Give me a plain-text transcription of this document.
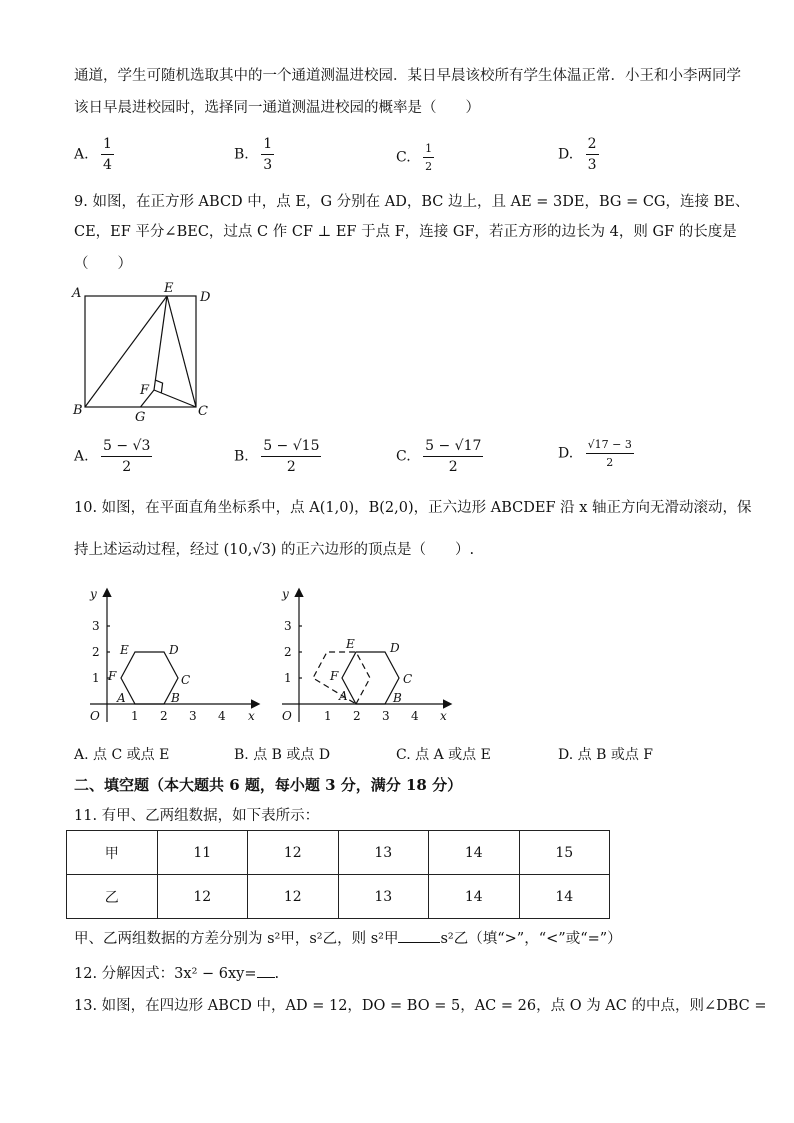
通道，学生可随机选取其中的一个通道测温进校园．某日早晨该校所有学生体温正常．小王和小李两同学
该日早晨进校园时，选择同一通道测温进校园的概率是（　　）
A. $\frac{1}{4}$	B. $\frac{1}{3}$	C. $\frac{1}{2}$	D. $\frac{2}{3}$
9. 如图，在正方形 ABCD 中，点 E，G 分别在 AD，BC 边上，且 AE = 3DE，BG = CG，连接 BE、
CE，EF 平分∠BEC，过点 C 作 CF ⊥ EF 于点 F，连接 GF，若正方形的边长为 4，则 GF 的长度是
（　　）
A	E
D
B	C
F
G
A. $\frac{5 - √3}{2}$	B. $\frac{5 - √15}{2}$	C. $\frac{5 - √17}{2}$	D. $\frac{√17 - 3}{2}$
10. 如图，在平面直角坐标系中，点 A(1,0)，B(2,0)，正六边形 ABCDEF 沿 x 轴正方向无滑动滚动，保
持上述运动过程，经过 (10,√3) 的正六边形的顶点是（　　）.
y
3
2
1
O	1 2 3 4 x
E	D
F	C
A	B
y
3
2
1
O	1 2 3 4 x
E	D
F	C
A	B
A. 点 C 或点 E	B. 点 B 或点 D	C. 点 A 或点 E	D. 点 B 或点 F
二、填空题（本大题共 6 题，每小题 3 分，满分 18 分）
11. 有甲、乙两组数据，如下表所示：
甲	11	12	13	14	15
乙	12	12	13	14	14
甲、乙两组数据的方差分别为 s²甲，s²乙，则 s²甲	s²乙（填“>”，“<”或“=”）
12. 分解因式：3x² − 6xy= .
13. 如图，在四边形 ABCD 中，AD = 12，DO = BO = 5，AC = 26，点 O 为 AC 的中点，则∠DBC =
